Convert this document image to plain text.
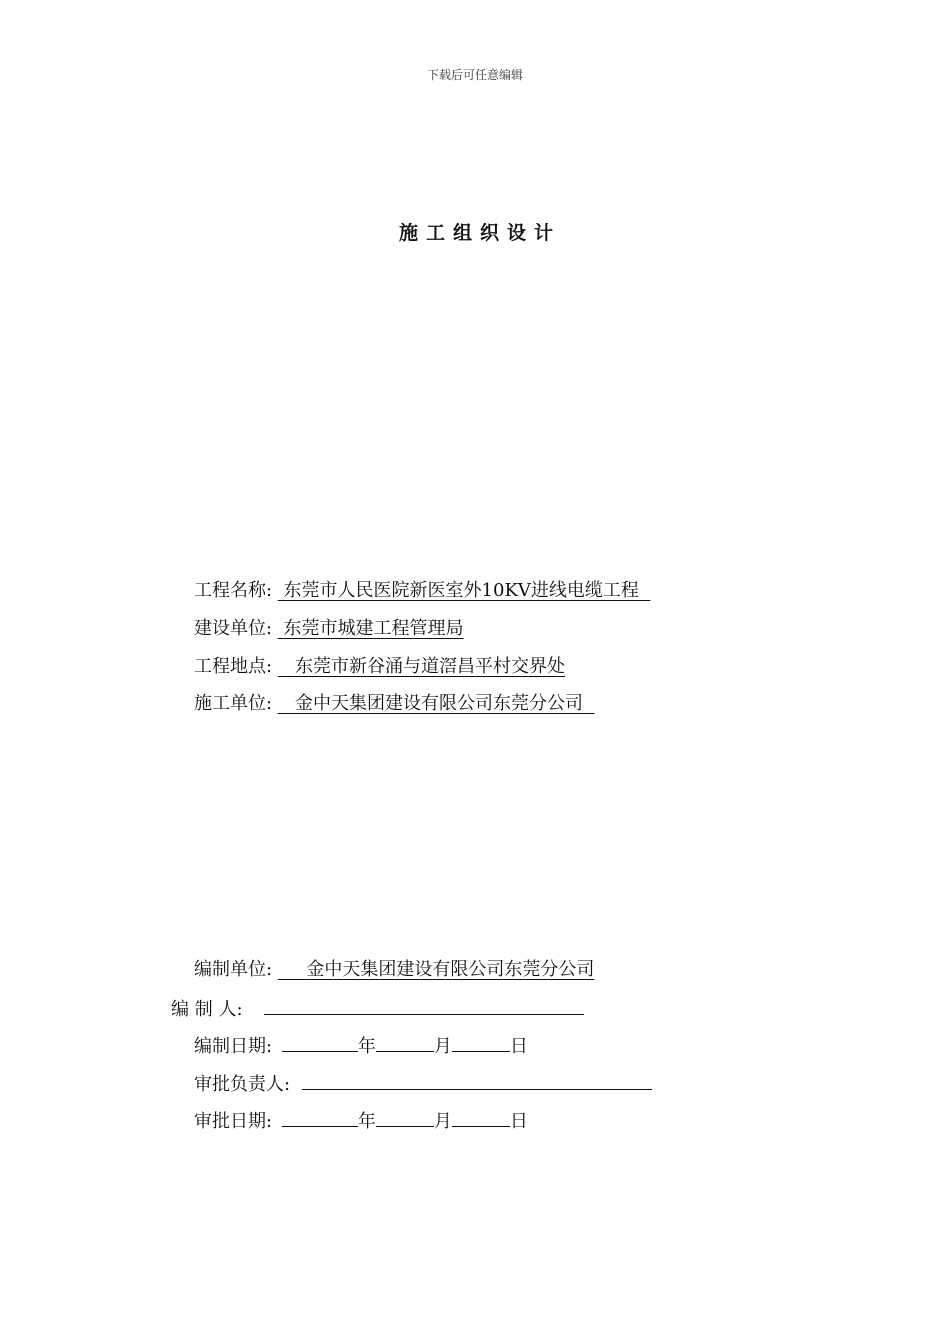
下载后可任意编辑
施工组织设计
工程名称: 东莞市人民医院新医室外10KV进线电缆工程
建设单位: 东莞市城建工程管理局
工程地点: 东莞市新谷涌与道滘昌平村交界处
施工单位: 金中天集团建设有限公司东莞分公司
编制单位: 金中天集团建设有限公司东莞分公司
编 制 人:
编制日期:	年	月	日
审批负责人:
审批日期:	年	月	日
